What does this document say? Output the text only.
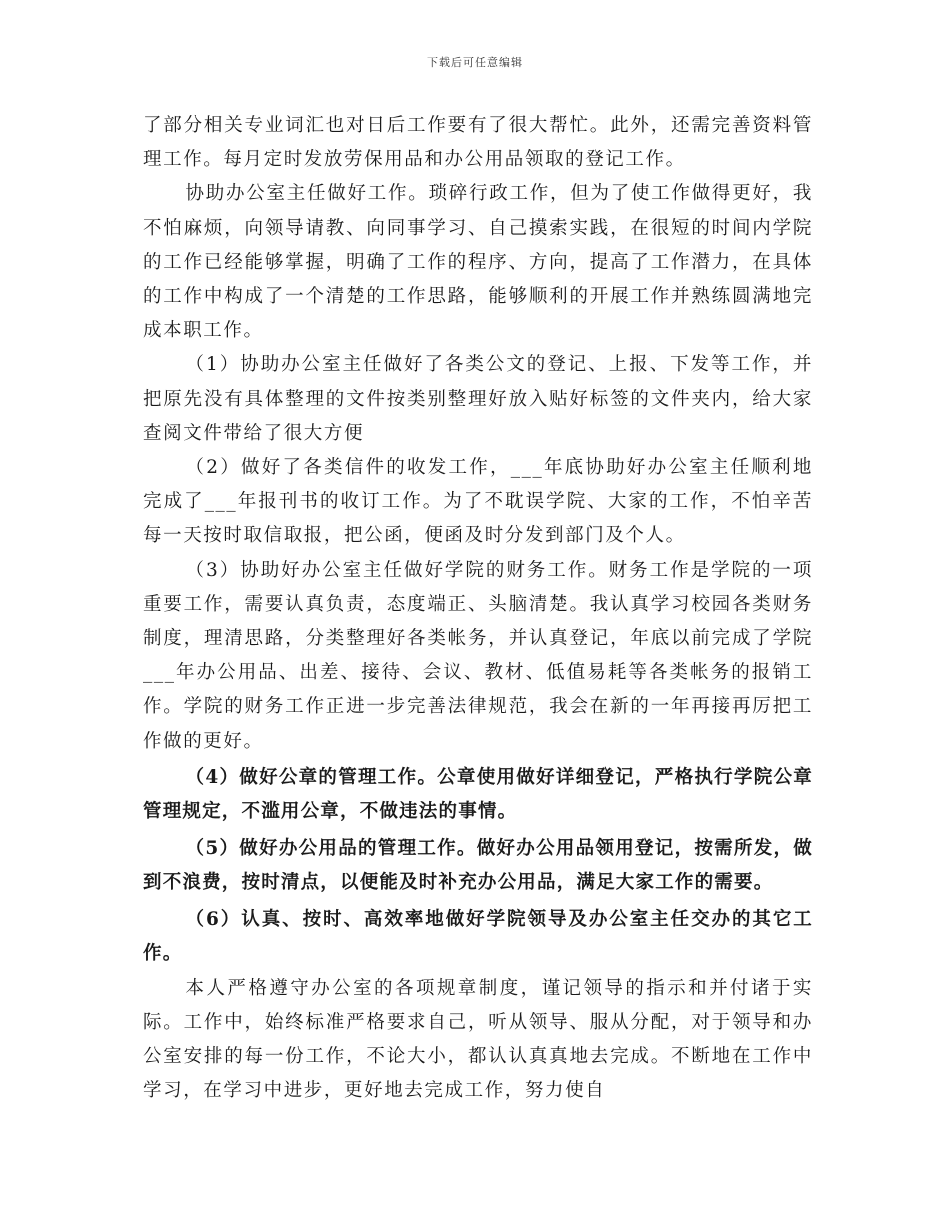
下载后可任意编辑

了部分相关专业词汇也对日后工作要有了很大帮忙。此外，还需完善资料管理工作。每月定时发放劳保用品和办公用品领取的登记工作。

协助办公室主任做好工作。琐碎行政工作，但为了使工作做得更好，我不怕麻烦，向领导请教、向同事学习、自己摸索实践，在很短的时间内学院的工作已经能够掌握，明确了工作的程序、方向，提高了工作潜力，在具体的工作中构成了一个清楚的工作思路，能够顺利的开展工作并熟练圆满地完成本职工作。

（1）协助办公室主任做好了各类公文的登记、上报、下发等工作，并把原先没有具体整理的文件按类别整理好放入贴好标签的文件夹内，给大家查阅文件带给了很大方便

（2）做好了各类信件的收发工作，___年底协助好办公室主任顺利地完成了___年报刊书的收订工作。为了不耽误学院、大家的工作，不怕辛苦每一天按时取信取报，把公函，便函及时分发到部门及个人。

（3）协助好办公室主任做好学院的财务工作。财务工作是学院的一项重要工作，需要认真负责，态度端正、头脑清楚。我认真学习校园各类财务制度，理清思路，分类整理好各类帐务，并认真登记，年底以前完成了学院___年办公用品、出差、接待、会议、教材、低值易耗等各类帐务的报销工作。学院的财务工作正进一步完善法律规范，我会在新的一年再接再厉把工作做的更好。

（4）做好公章的管理工作。公章使用做好详细登记，严格执行学院公章管理规定，不滥用公章，不做违法的事情。

（5）做好办公用品的管理工作。做好办公用品领用登记，按需所发，做到不浪费，按时清点，以便能及时补充办公用品，满足大家工作的需要。

（6）认真、按时、高效率地做好学院领导及办公室主任交办的其它工作。

本人严格遵守办公室的各项规章制度，谨记领导的指示和并付诸于实际。工作中，始终标准严格要求自己，听从领导、服从分配，对于领导和办公室安排的每一份工作，不论大小，都认认真真地去完成。不断地在工作中学习，在学习中进步，更好地去完成工作，努力使自
